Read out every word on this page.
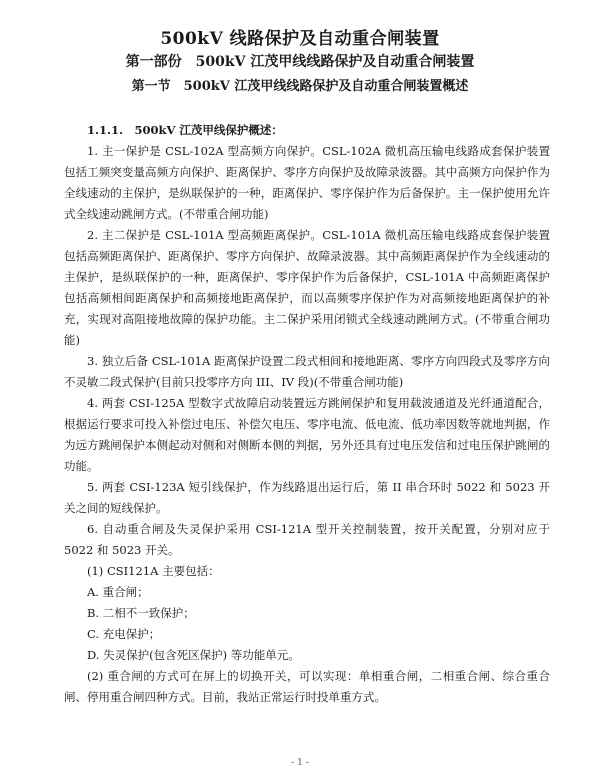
500kV 线路保护及自动重合闸装置
第一部份　500kV 江茂甲线线路保护及自动重合闸装置
第一节　500kV 江茂甲线线路保护及自动重合闸装置概述

1.1.1.　500kV 江茂甲线保护概述：

1. 主一保护是 CSL-102A 型高频方向保护。CSL-102A 微机高压输电线路成套保护装置包括工频突变量高频方向保护、距离保护、零序方向保护及故障录波器。其中高频方向保护作为全线速动的主保护，是纵联保护的一种，距离保护、零序保护作为后备保护。主一保护使用允许式全线速动跳闸方式。(不带重合闸功能)

2. 主二保护是 CSL-101A 型高频距离保护。CSL-101A 微机高压输电线路成套保护装置包括高频距离保护、距离保护、零序方向保护、故障录波器。其中高频距离保护作为全线速动的主保护，是纵联保护的一种，距离保护、零序保护作为后备保护，CSL-101A 中高频距离保护包括高频相间距离保护和高频接地距离保护，而以高频零序保护作为对高频接地距离保护的补充，实现对高阻接地故障的保护功能。主二保护采用闭锁式全线速动跳闸方式。(不带重合闸功能)

3. 独立后备 CSL-101A 距离保护设置二段式相间和接地距离、零序方向四段式及零序方向不灵敏二段式保护(目前只投零序方向 III、IV 段)(不带重合闸功能)

4. 两套 CSI-125A 型数字式故障启动装置远方跳闸保护和复用载波通道及光纤通道配合，根据运行要求可投入补偿过电压、补偿欠电压、零序电流、低电流、低功率因数等就地判据，作为远方跳闸保护本侧起动对侧和对侧断本侧的判据，另外还具有过电压发信和过电压保护跳闸的功能。

5. 两套 CSI-123A 短引线保护，作为线路退出运行后，第 II 串合环时 5022 和 5023 开关之间的短线保护。

6. 自动重合闸及失灵保护采用 CSI-121A 型开关控制装置，按开关配置，分别对应于 5022 和 5023 开关。

(1) CSI121A 主要包括：

A. 重合闸；

B. 二相不一致保护；

C. 充电保护；

D. 失灵保护(包含死区保护) 等功能单元。

(2) 重合闸的方式可在屏上的切换开关，可以实现：单相重合闸，二相重合闸、综合重合闸、停用重合闸四种方式。目前，我站正常运行时投单重方式。

- 1 -
